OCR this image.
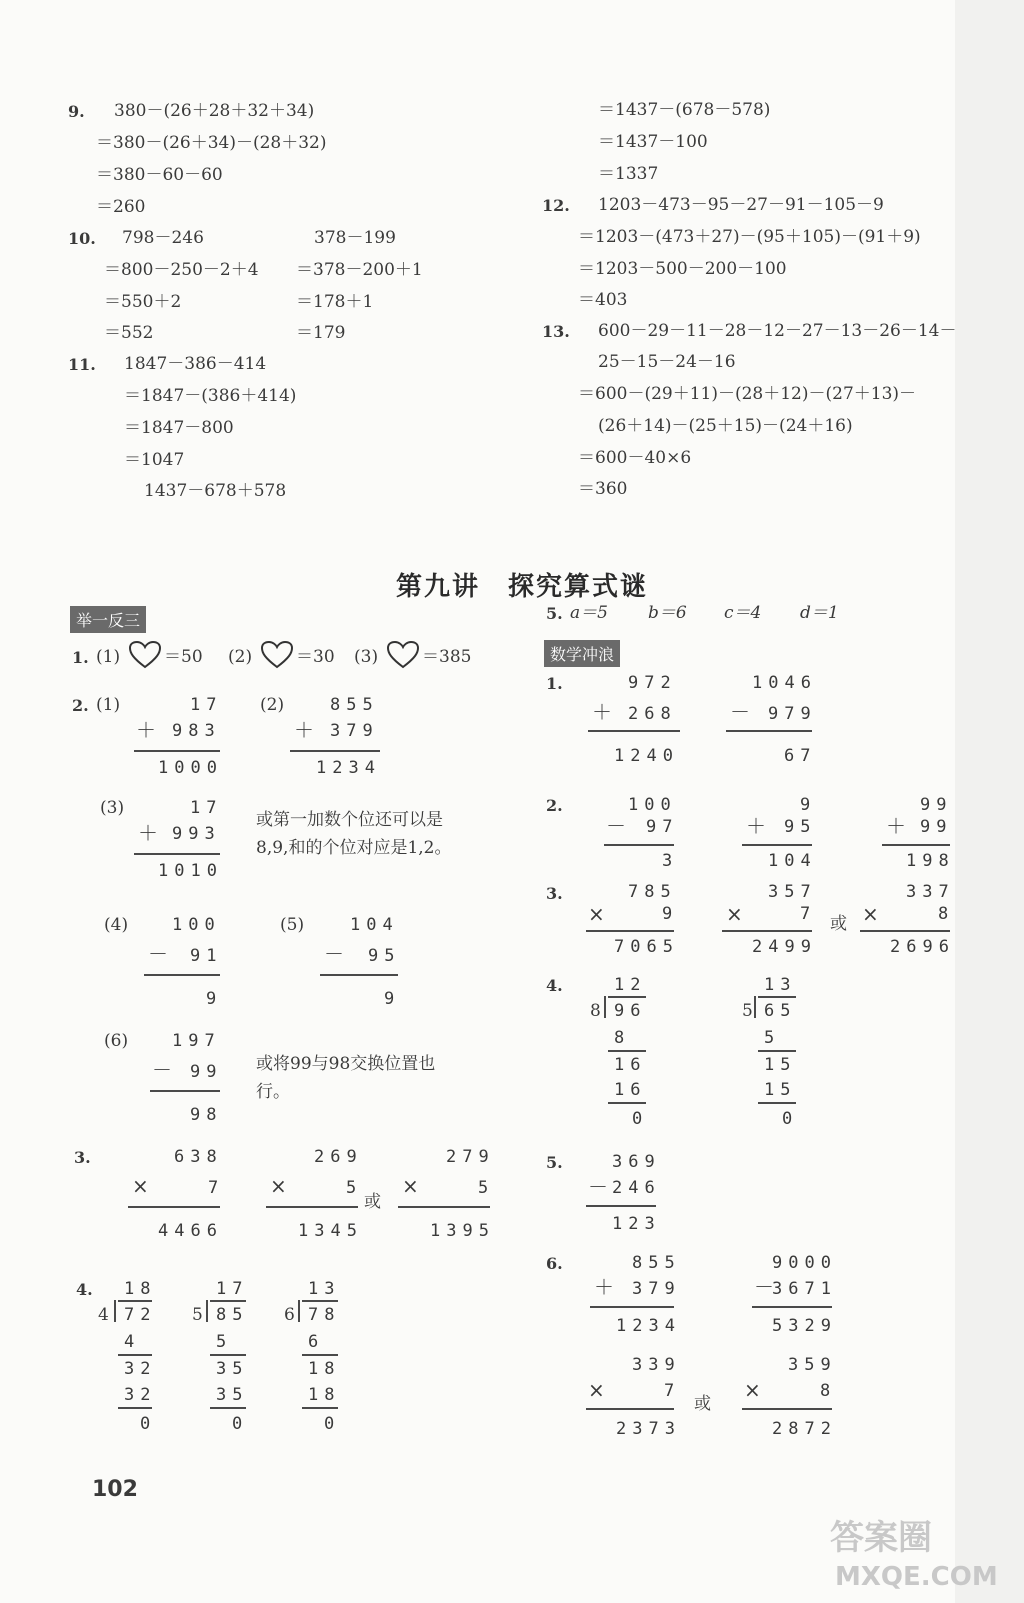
9. 380－(26＋28＋32＋34)
＝380－(26＋34)－(28＋32)
＝380－60－60
＝260
10. 798－246
＝800－250－2＋4
＝550＋2
＝552
378－199
＝378－200＋1
＝178＋1
＝179
11. 1847－386－414
＝1847－(386＋414)
＝1847－800
＝1047
1437－678＋578
＝1437－(678－578)
＝1437－100
＝1337
12. 1203－473－95－27－91－105－9
＝1203－(473＋27)－(95＋105)－(91＋9)
＝1203－500－200－100
＝403
13. 600－29－11－28－12－27－13－26－14－
25－15－24－16
＝600－(29＋11)－(28＋12)－(27＋13)－
(26＋14)－(25＋15)－(24＋16)
＝600－40×6
＝360
第九讲　探究算式谜
举一反三
1. (1)	＝50 (2)	＝30 (3)	＝385
2. (1)	17
＋ 983
1000
(2)	855
＋ 379
1234
(3)	17
＋ 993
1010
或第一加数个位还可以是8,9,和的个位对应是1,2。
(4)	100
－ 91
9
(5)	104
－ 95
9
(6)	197
－ 99
98
或将99与98交换位置也行。
3.	638
×	7
4466
269
×	5
1345
或
279
×	5
1395
4. 18
4 72
4
32
32
0
17
5 85
5
35
35
0
13
6 78
6
18
18
0
5. a＝5 b＝6 c＝4 d＝1
数学冲浪
1.	972
＋ 268
1240
1046
－ 979
67
2.	100
－ 97
3
9
＋ 95
104
99
＋ 99
198
3.	785
×	9
7065
357
×	7
2499
或
337
×	8
2696
4.	12
8 96
8
16
16
0
13
5 65
5
15
15
0
5.	369
－ 246
123
6.	855
＋ 379
1234
9000
－
3671
5329
339
×	7
2373
或
359
×	8
2872
102
答案圈
MXQE.COM
